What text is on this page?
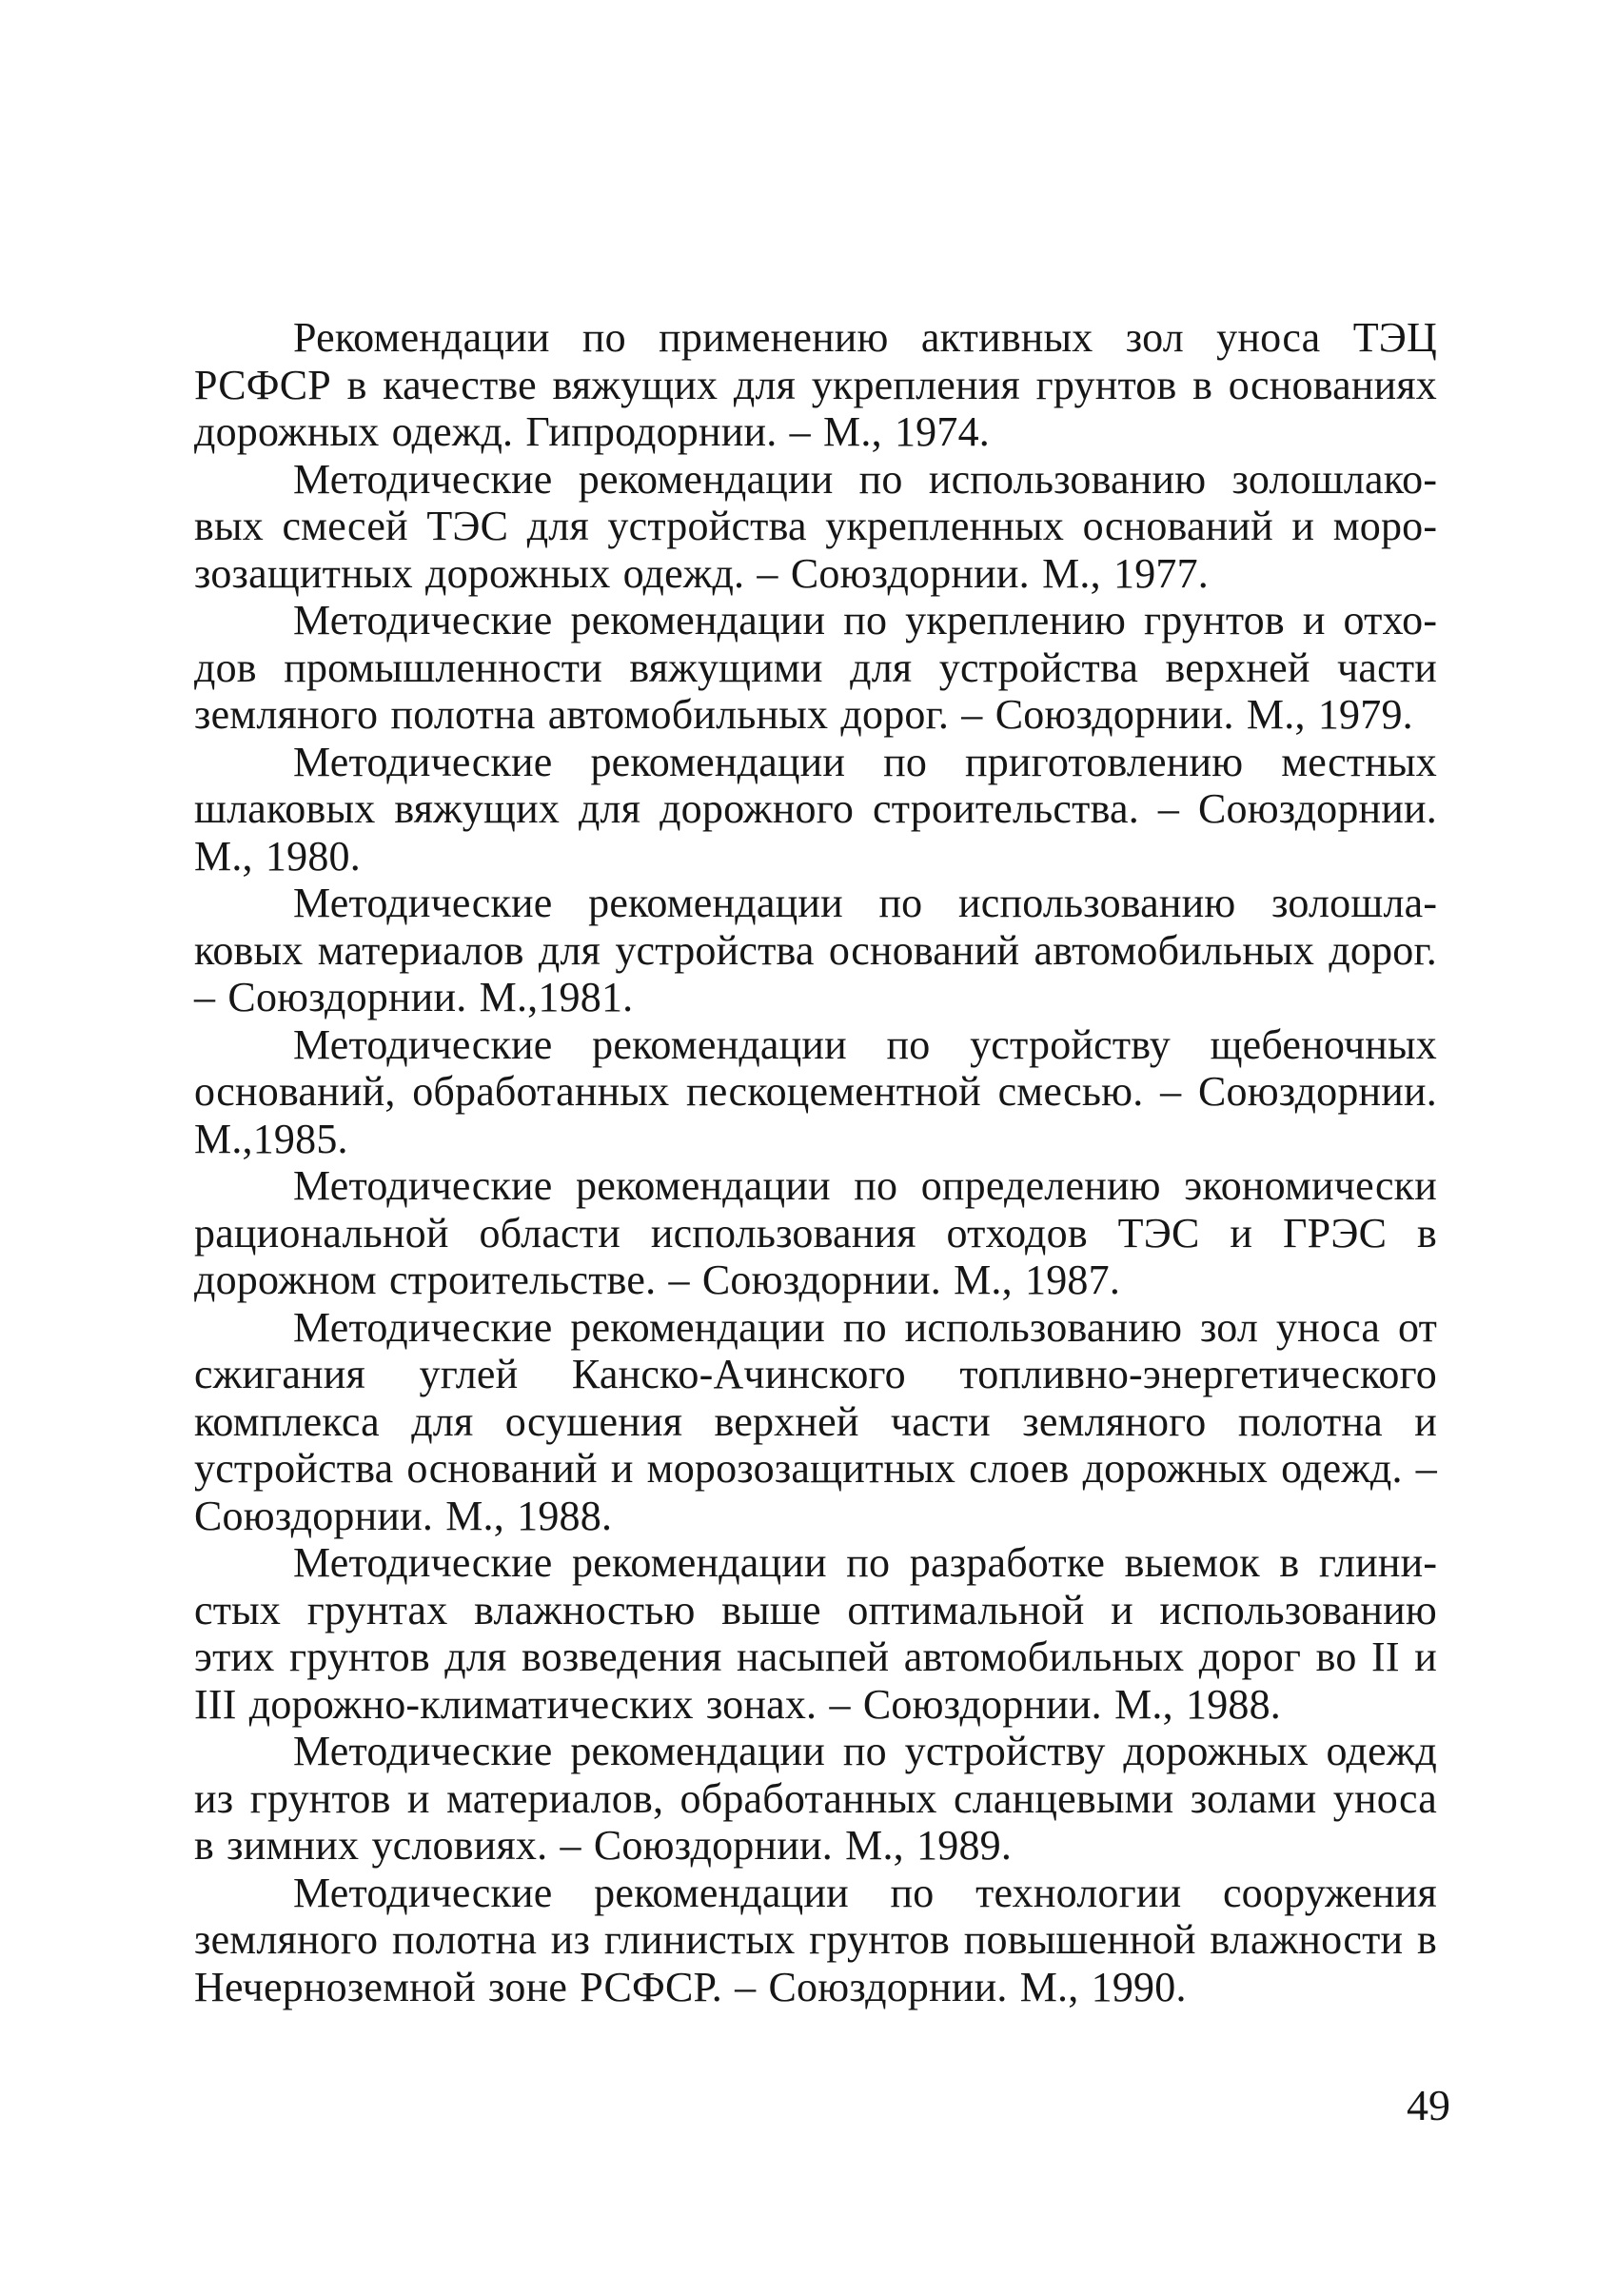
Рекомендации по применению активных зол уноса ТЭЦ РСФСР в качестве вяжущих для укрепления грунтов в основаниях дорожных одежд. Гипродорнии. – М., 1974.

Методические рекомендации по использованию золошлаковых смесей ТЭС для устройства укрепленных оснований и морозозащитных дорожных одежд. – Союздорнии. М., 1977.

Методические рекомендации по укреплению грунтов и отходов промышленности вяжущими для устройства верхней части земляного полотна автомобильных дорог. – Союздорнии. М., 1979.

Методические рекомендации по приготовлению местных шлаковых вяжущих для дорожного строительства. – Союздорнии. М., 1980.

Методические рекомендации по использованию золошлаковых материалов для устройства оснований автомобильных дорог. – Союздорнии. М.,1981.

Методические рекомендации по устройству щебеночных оснований, обработанных пескоцементной смесью. – Союздорнии. М.,1985.

Методические рекомендации по определению экономически рациональной области использования отходов ТЭС и ГРЭС в дорожном строительстве. – Союздорнии. М., 1987.

Методические рекомендации по использованию зол уноса от сжигания углей Канско-Ачинского топливно-энергетического комплекса для осушения верхней части земляного полотна и устройства оснований и морозозащитных слоев дорожных одежд. – Союздорнии. М., 1988.

Методические рекомендации по разработке выемок в глинистых грунтах влажностью выше оптимальной и использованию этих грунтов для возведения насыпей автомобильных дорог во II и III дорожно-климатических зонах. – Союздорнии. М., 1988.

Методические рекомендации по устройству дорожных одежд из грунтов и материалов, обработанных сланцевыми золами уноса в зимних условиях. – Союздорнии. М., 1989.

Методические рекомендации по технологии сооружения земляного полотна из глинистых грунтов повышенной влажности в Нечерноземной зоне РСФСР. – Союздорнии. М., 1990.

49
